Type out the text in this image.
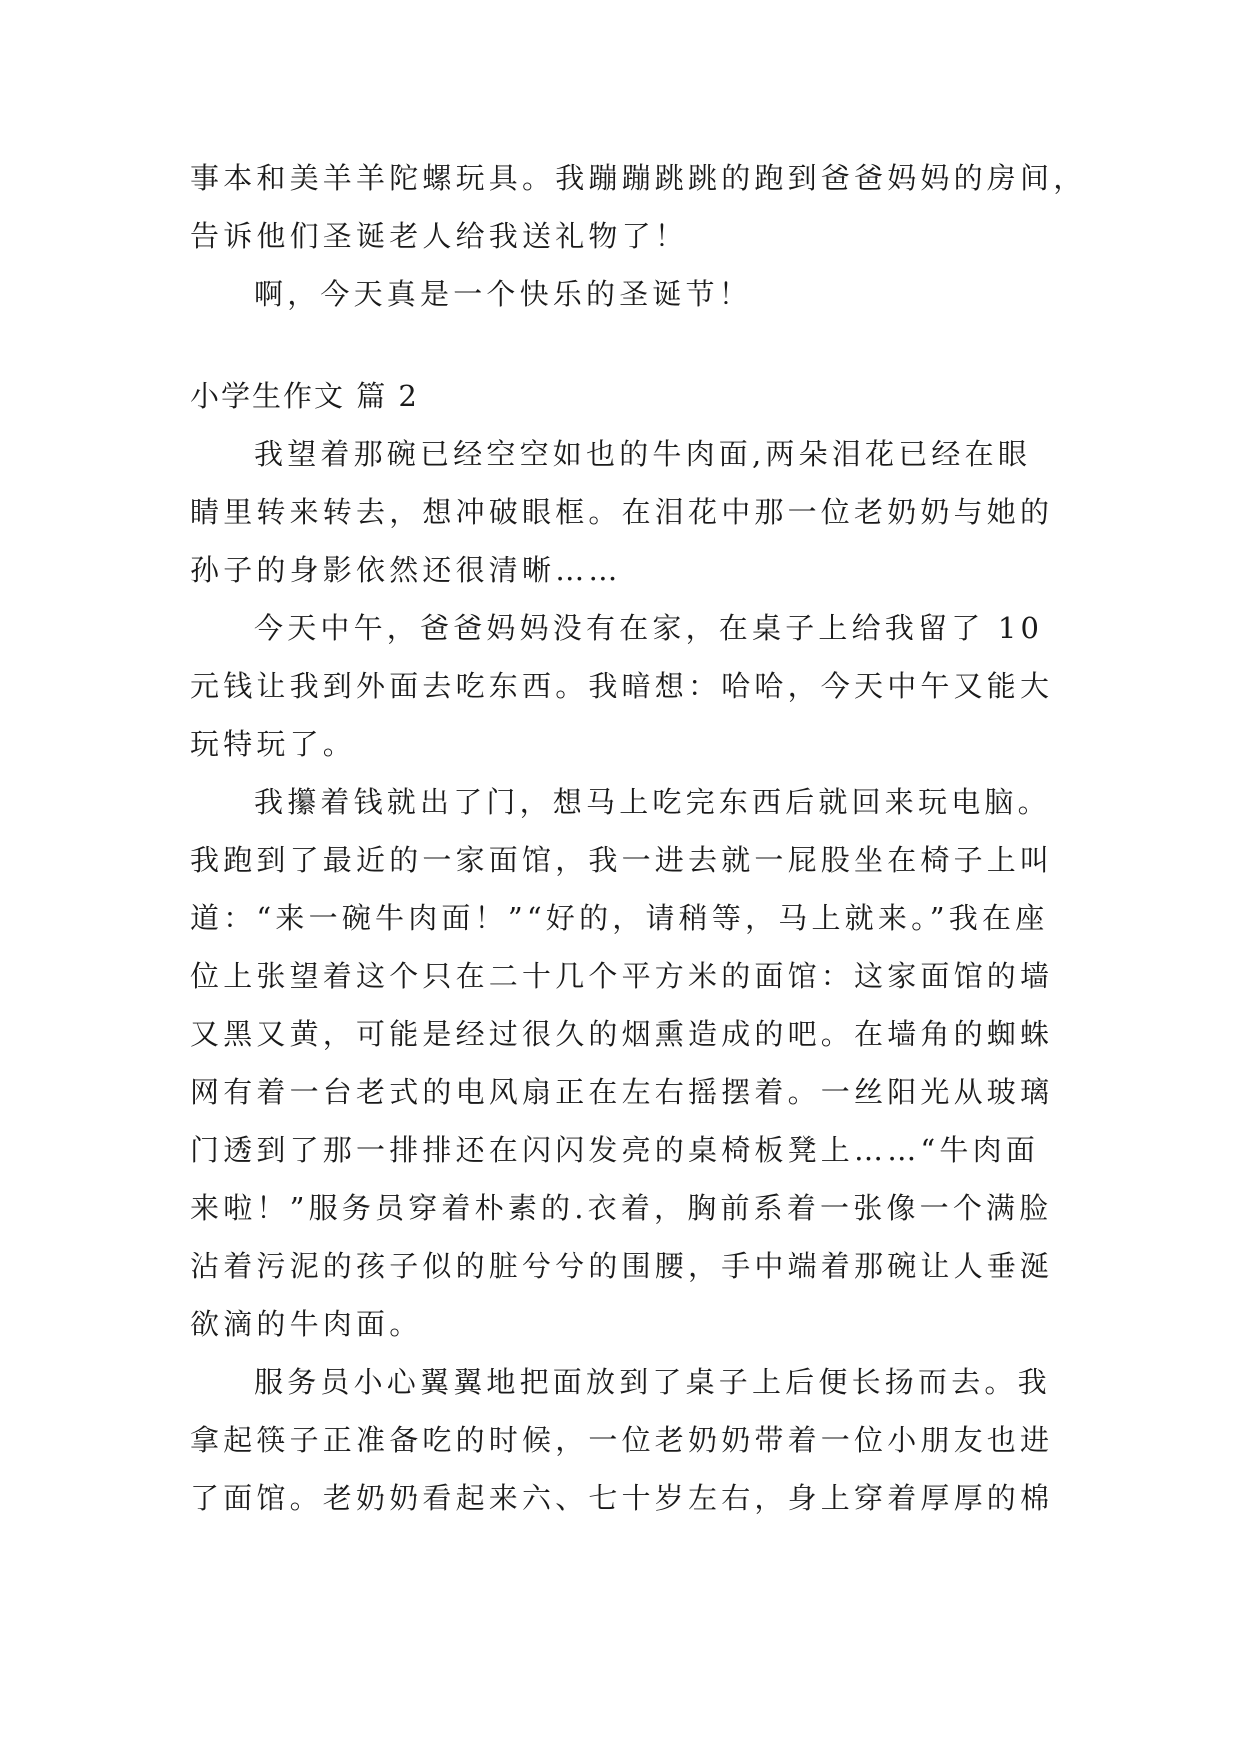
事本和美羊羊陀螺玩具。我蹦蹦跳跳的跑到爸爸妈妈的房间，
告诉他们圣诞老人给我送礼物了！
啊，今天真是一个快乐的圣诞节！
小学生作文 篇 2
我望着那碗已经空空如也的牛肉面,两朵泪花已经在眼
睛里转来转去，想冲破眼框。在泪花中那一位老奶奶与她的
孙子的身影依然还很清晰……
今天中午，爸爸妈妈没有在家，在桌子上给我留了 10
元钱让我到外面去吃东西。我暗想：哈哈，今天中午又能大
玩特玩了。
我攥着钱就出了门，想马上吃完东西后就回来玩电脑。
我跑到了最近的一家面馆，我一进去就一屁股坐在椅子上叫
道：“来一碗牛肉面！”“好的，请稍等，马上就来。”我在座
位上张望着这个只在二十几个平方米的面馆：这家面馆的墙
又黑又黄，可能是经过很久的烟熏造成的吧。在墙角的蜘蛛
网有着一台老式的电风扇正在左右摇摆着。一丝阳光从玻璃
门透到了那一排排还在闪闪发亮的桌椅板凳上……“牛肉面
来啦！”服务员穿着朴素的.衣着，胸前系着一张像一个满脸
沾着污泥的孩子似的脏兮兮的围腰，手中端着那碗让人垂涎
欲滴的牛肉面。
服务员小心翼翼地把面放到了桌子上后便长扬而去。我
拿起筷子正准备吃的时候，一位老奶奶带着一位小朋友也进
了面馆。老奶奶看起来六、七十岁左右，身上穿着厚厚的棉
